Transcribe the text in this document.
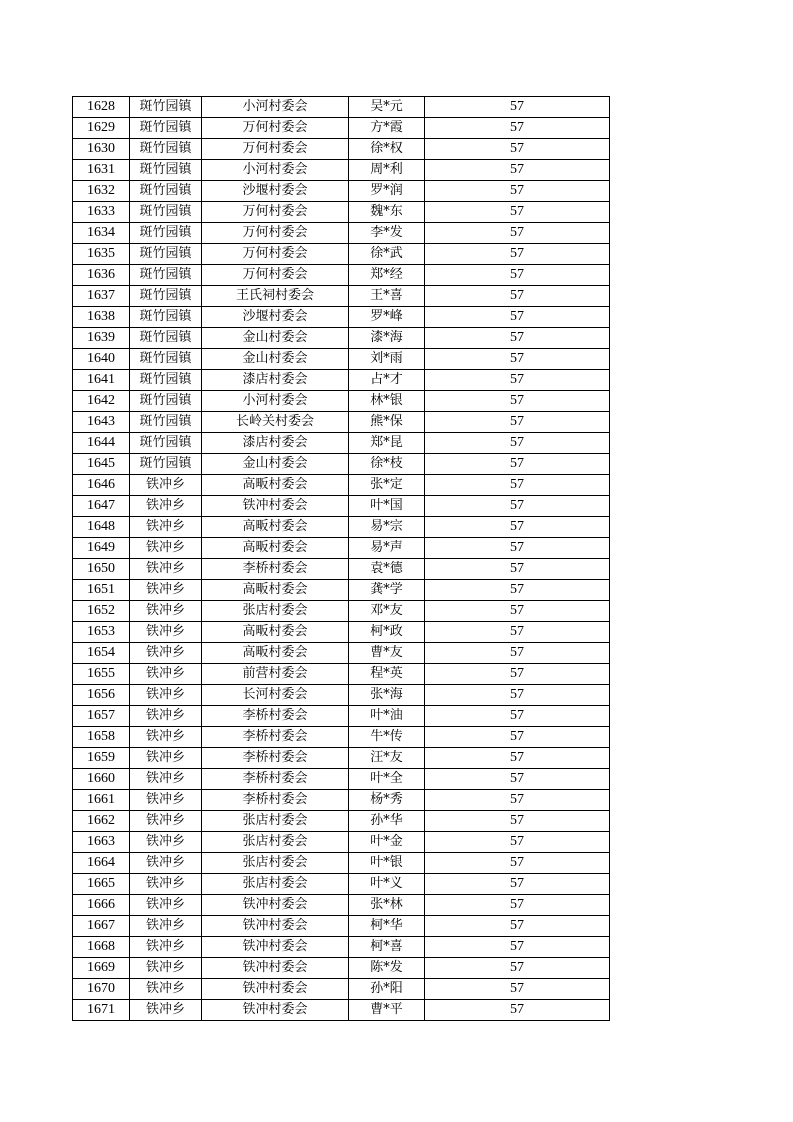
1628	斑竹园镇	小河村委会	吴*元	57
1629	斑竹园镇	万何村委会	方*霞	57
1630	斑竹园镇	万何村委会	徐*权	57
1631	斑竹园镇	小河村委会	周*利	57
1632	斑竹园镇	沙堰村委会	罗*润	57
1633	斑竹园镇	万何村委会	魏*东	57
1634	斑竹园镇	万何村委会	李*发	57
1635	斑竹园镇	万何村委会	徐*武	57
1636	斑竹园镇	万何村委会	郑*经	57
1637	斑竹园镇	王氏祠村委会	王*喜	57
1638	斑竹园镇	沙堰村委会	罗*峰	57
1639	斑竹园镇	金山村委会	漆*海	57
1640	斑竹园镇	金山村委会	刘*雨	57
1641	斑竹园镇	漆店村委会	占*才	57
1642	斑竹园镇	小河村委会	林*银	57
1643	斑竹园镇	长岭关村委会	熊*保	57
1644	斑竹园镇	漆店村委会	郑*昆	57
1645	斑竹园镇	金山村委会	徐*枝	57
1646	铁冲乡	高畈村委会	张*定	57
1647	铁冲乡	铁冲村委会	叶*国	57
1648	铁冲乡	高畈村委会	易*宗	57
1649	铁冲乡	高畈村委会	易*声	57
1650	铁冲乡	李桥村委会	袁*德	57
1651	铁冲乡	高畈村委会	龚*学	57
1652	铁冲乡	张店村委会	邓*友	57
1653	铁冲乡	高畈村委会	柯*政	57
1654	铁冲乡	高畈村委会	曹*友	57
1655	铁冲乡	前营村委会	程*英	57
1656	铁冲乡	长河村委会	张*海	57
1657	铁冲乡	李桥村委会	叶*油	57
1658	铁冲乡	李桥村委会	牛*传	57
1659	铁冲乡	李桥村委会	汪*友	57
1660	铁冲乡	李桥村委会	叶*全	57
1661	铁冲乡	李桥村委会	杨*秀	57
1662	铁冲乡	张店村委会	孙*华	57
1663	铁冲乡	张店村委会	叶*金	57
1664	铁冲乡	张店村委会	叶*银	57
1665	铁冲乡	张店村委会	叶*义	57
1666	铁冲乡	铁冲村委会	张*林	57
1667	铁冲乡	铁冲村委会	柯*华	57
1668	铁冲乡	铁冲村委会	柯*喜	57
1669	铁冲乡	铁冲村委会	陈*发	57
1670	铁冲乡	铁冲村委会	孙*阳	57
1671	铁冲乡	铁冲村委会	曹*平	57
